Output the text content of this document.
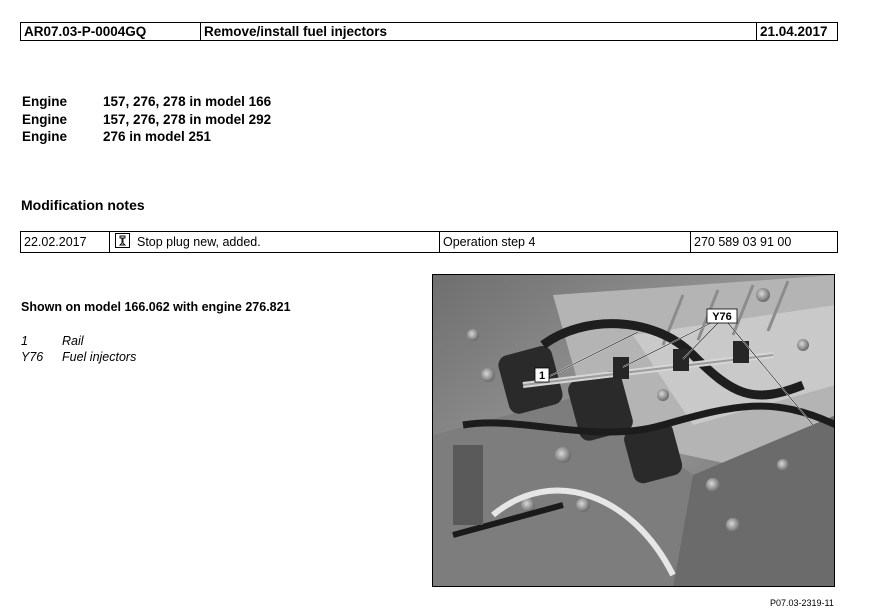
AR07.03-P-0004GQ	Remove/install fuel injectors	21.04.2017
Engine	157, 276, 278 in model 166
Engine	157, 276, 278 in model 292
Engine	276 in model 251
Modification notes
22.02.2017	Stop plug new, added.	Operation step 4	270 589 03 91 00
Shown on model 166.062 with engine 276.821
1	Rail
Y76 Fuel injectors
1
Y76
P07.03-2319-11
